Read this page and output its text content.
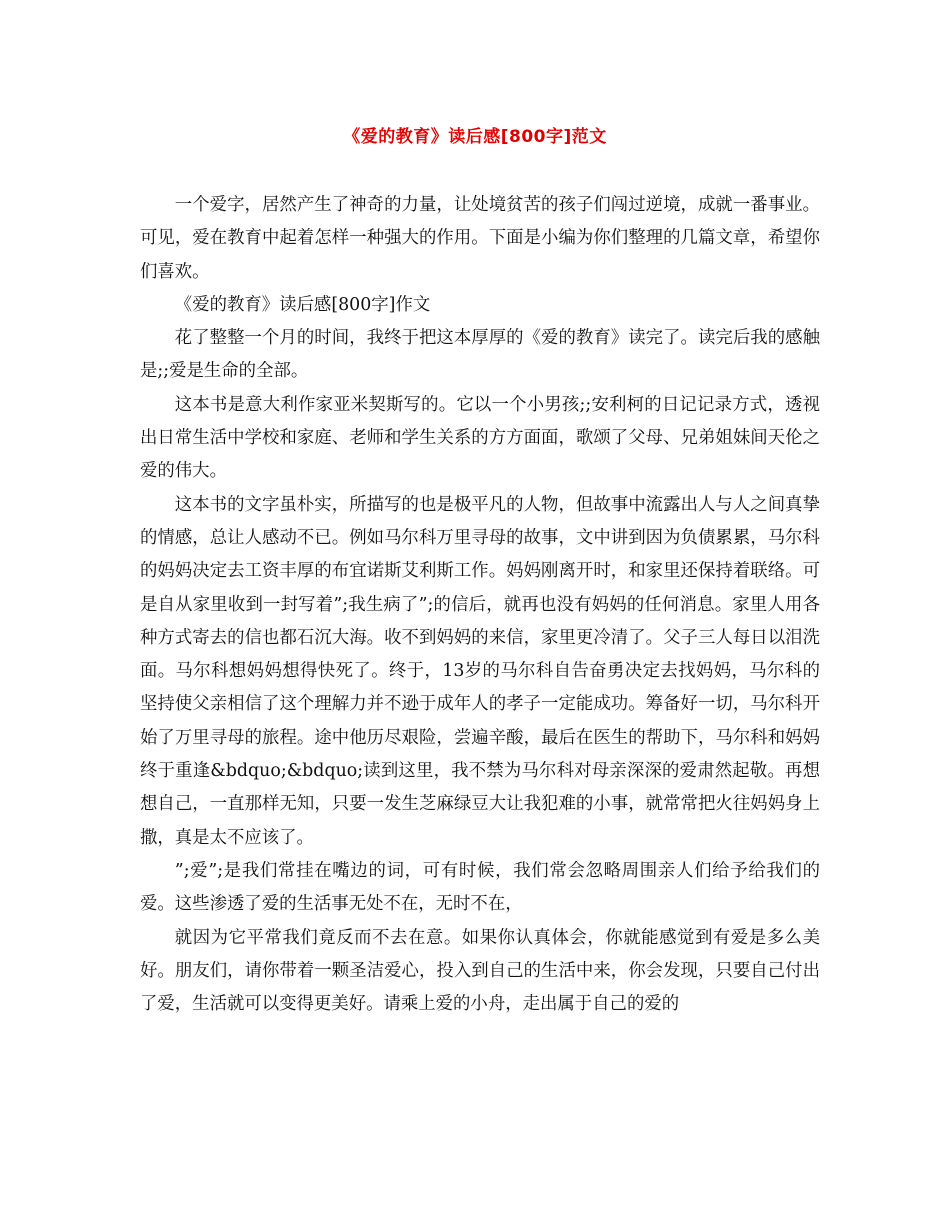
《爱的教育》读后感[800字]范文

一个爱字，居然产生了神奇的力量，让处境贫苦的孩子们闯过逆境，成就一番事业。可见，爱在教育中起着怎样一种强大的作用。下面是小编为你们整理的几篇文章，希望你们喜欢。

《爱的教育》读后感[800字]作文

花了整整一个月的时间，我终于把这本厚厚的《爱的教育》读完了。读完后我的感触是;;爱是生命的全部。

这本书是意大利作家亚米契斯写的。它以一个小男孩;;安利柯的日记记录方式，透视出日常生活中学校和家庭、老师和学生关系的方方面面，歌颂了父母、兄弟姐妹间天伦之爱的伟大。

这本书的文字虽朴实，所描写的也是极平凡的人物，但故事中流露出人与人之间真挚的情感，总让人感动不已。例如马尔科万里寻母的故事，文中讲到因为负债累累，马尔科的妈妈决定去工资丰厚的布宜诺斯艾利斯工作。妈妈刚离开时，和家里还保持着联络。可是自从家里收到一封写着”;我生病了”;的信后，就再也没有妈妈的任何消息。家里人用各种方式寄去的信也都石沉大海。收不到妈妈的来信，家里更冷清了。父子三人每日以泪洗面。马尔科想妈妈想得快死了。终于，13岁的马尔科自告奋勇决定去找妈妈，马尔科的坚持使父亲相信了这个理解力并不逊于成年人的孝子一定能成功。筹备好一切，马尔科开始了万里寻母的旅程。途中他历尽艰险，尝遍辛酸，最后在医生的帮助下，马尔科和妈妈终于重逢&bdquo;&bdquo;读到这里，我不禁为马尔科对母亲深深的爱肃然起敬。再想想自己，一直那样无知，只要一发生芝麻绿豆大让我犯难的小事，就常常把火往妈妈身上撒，真是太不应该了。

”;爱”;是我们常挂在嘴边的词，可有时候，我们常会忽略周围亲人们给予给我们的爱。这些渗透了爱的生活事无处不在，无时不在，

就因为它平常我们竟反而不去在意。如果你认真体会，你就能感觉到有爱是多么美好。朋友们，请你带着一颗圣洁爱心，投入到自己的生活中来，你会发现，只要自己付出了爱，生活就可以变得更美好。请乘上爱的小舟，走出属于自己的爱的
